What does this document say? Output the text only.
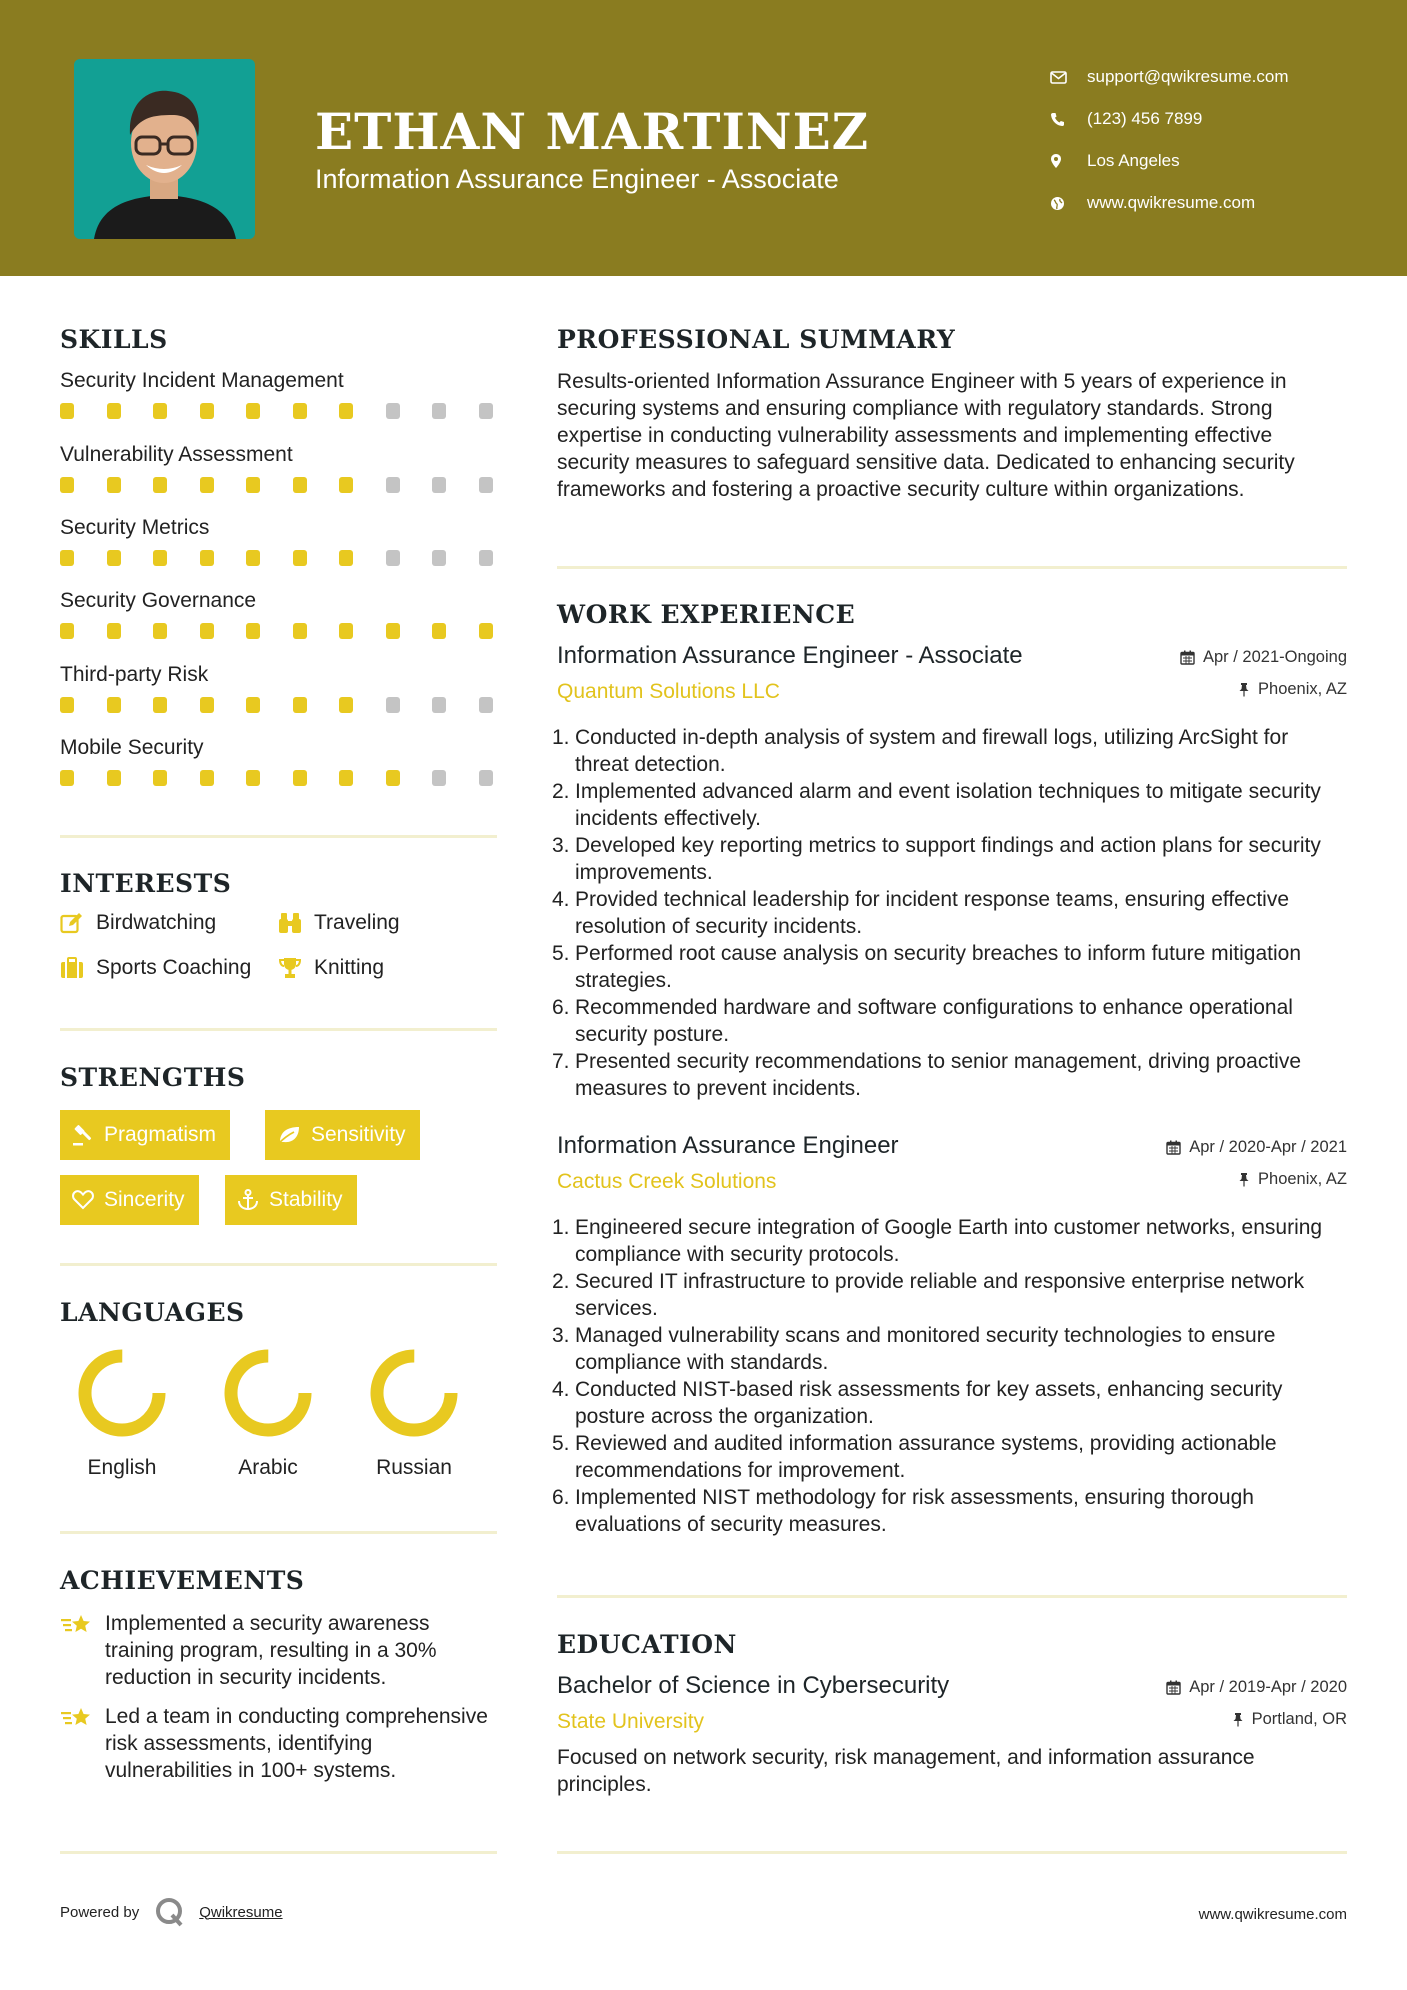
ETHAN MARTINEZ
Information Assurance Engineer - Associate
support@qwikresume.com
(123) 456 7899
Los Angeles
www.qwikresume.com
SKILLS
Security Incident Management
Vulnerability Assessment
Security Metrics
Security Governance
Third-party Risk
Mobile Security
INTERESTS
Birdwatching	Traveling
Sports Coaching	Knitting
STRENGTHS
Pragmatism	Sensitivity
Sincerity	Stability
LANGUAGES
English	Arabic	Russian
ACHIEVEMENTS
Implemented a security awareness training program, resulting in a 30% reduction in security incidents.
Led a team in conducting comprehensive risk assessments, identifying vulnerabilities in 100+ systems.
PROFESSIONAL SUMMARY
Results-oriented Information Assurance Engineer with 5 years of experience in securing systems and ensuring compliance with regulatory standards. Strong expertise in conducting vulnerability assessments and implementing effective security measures to safeguard sensitive data. Dedicated to enhancing security frameworks and fostering a proactive security culture within organizations.
WORK EXPERIENCE
Information Assurance Engineer - Associate
Quantum Solutions LLC
Apr / 2021-Ongoing
Phoenix, AZ
1. Conducted in-depth analysis of system and firewall logs, utilizing ArcSight for threat detection.
2. Implemented advanced alarm and event isolation techniques to mitigate security incidents effectively.
3. Developed key reporting metrics to support findings and action plans for security improvements.
4. Provided technical leadership for incident response teams, ensuring effective resolution of security incidents.
5. Performed root cause analysis on security breaches to inform future mitigation strategies.
6. Recommended hardware and software configurations to enhance operational security posture.
7. Presented security recommendations to senior management, driving proactive measures to prevent incidents.
Information Assurance Engineer
Cactus Creek Solutions
Apr / 2020-Apr / 2021
Phoenix, AZ
1. Engineered secure integration of Google Earth into customer networks, ensuring compliance with security protocols.
2. Secured IT infrastructure to provide reliable and responsive enterprise network services.
3. Managed vulnerability scans and monitored security technologies to ensure compliance with standards.
4. Conducted NIST-based risk assessments for key assets, enhancing security posture across the organization.
5. Reviewed and audited information assurance systems, providing actionable recommendations for improvement.
6. Implemented NIST methodology for risk assessments, ensuring thorough evaluations of security measures.
EDUCATION
Bachelor of Science in Cybersecurity
State University
Apr / 2019-Apr / 2020
Portland, OR
Focused on network security, risk management, and information assurance principles.
Powered by	Qwikresume	www.qwikresume.com
